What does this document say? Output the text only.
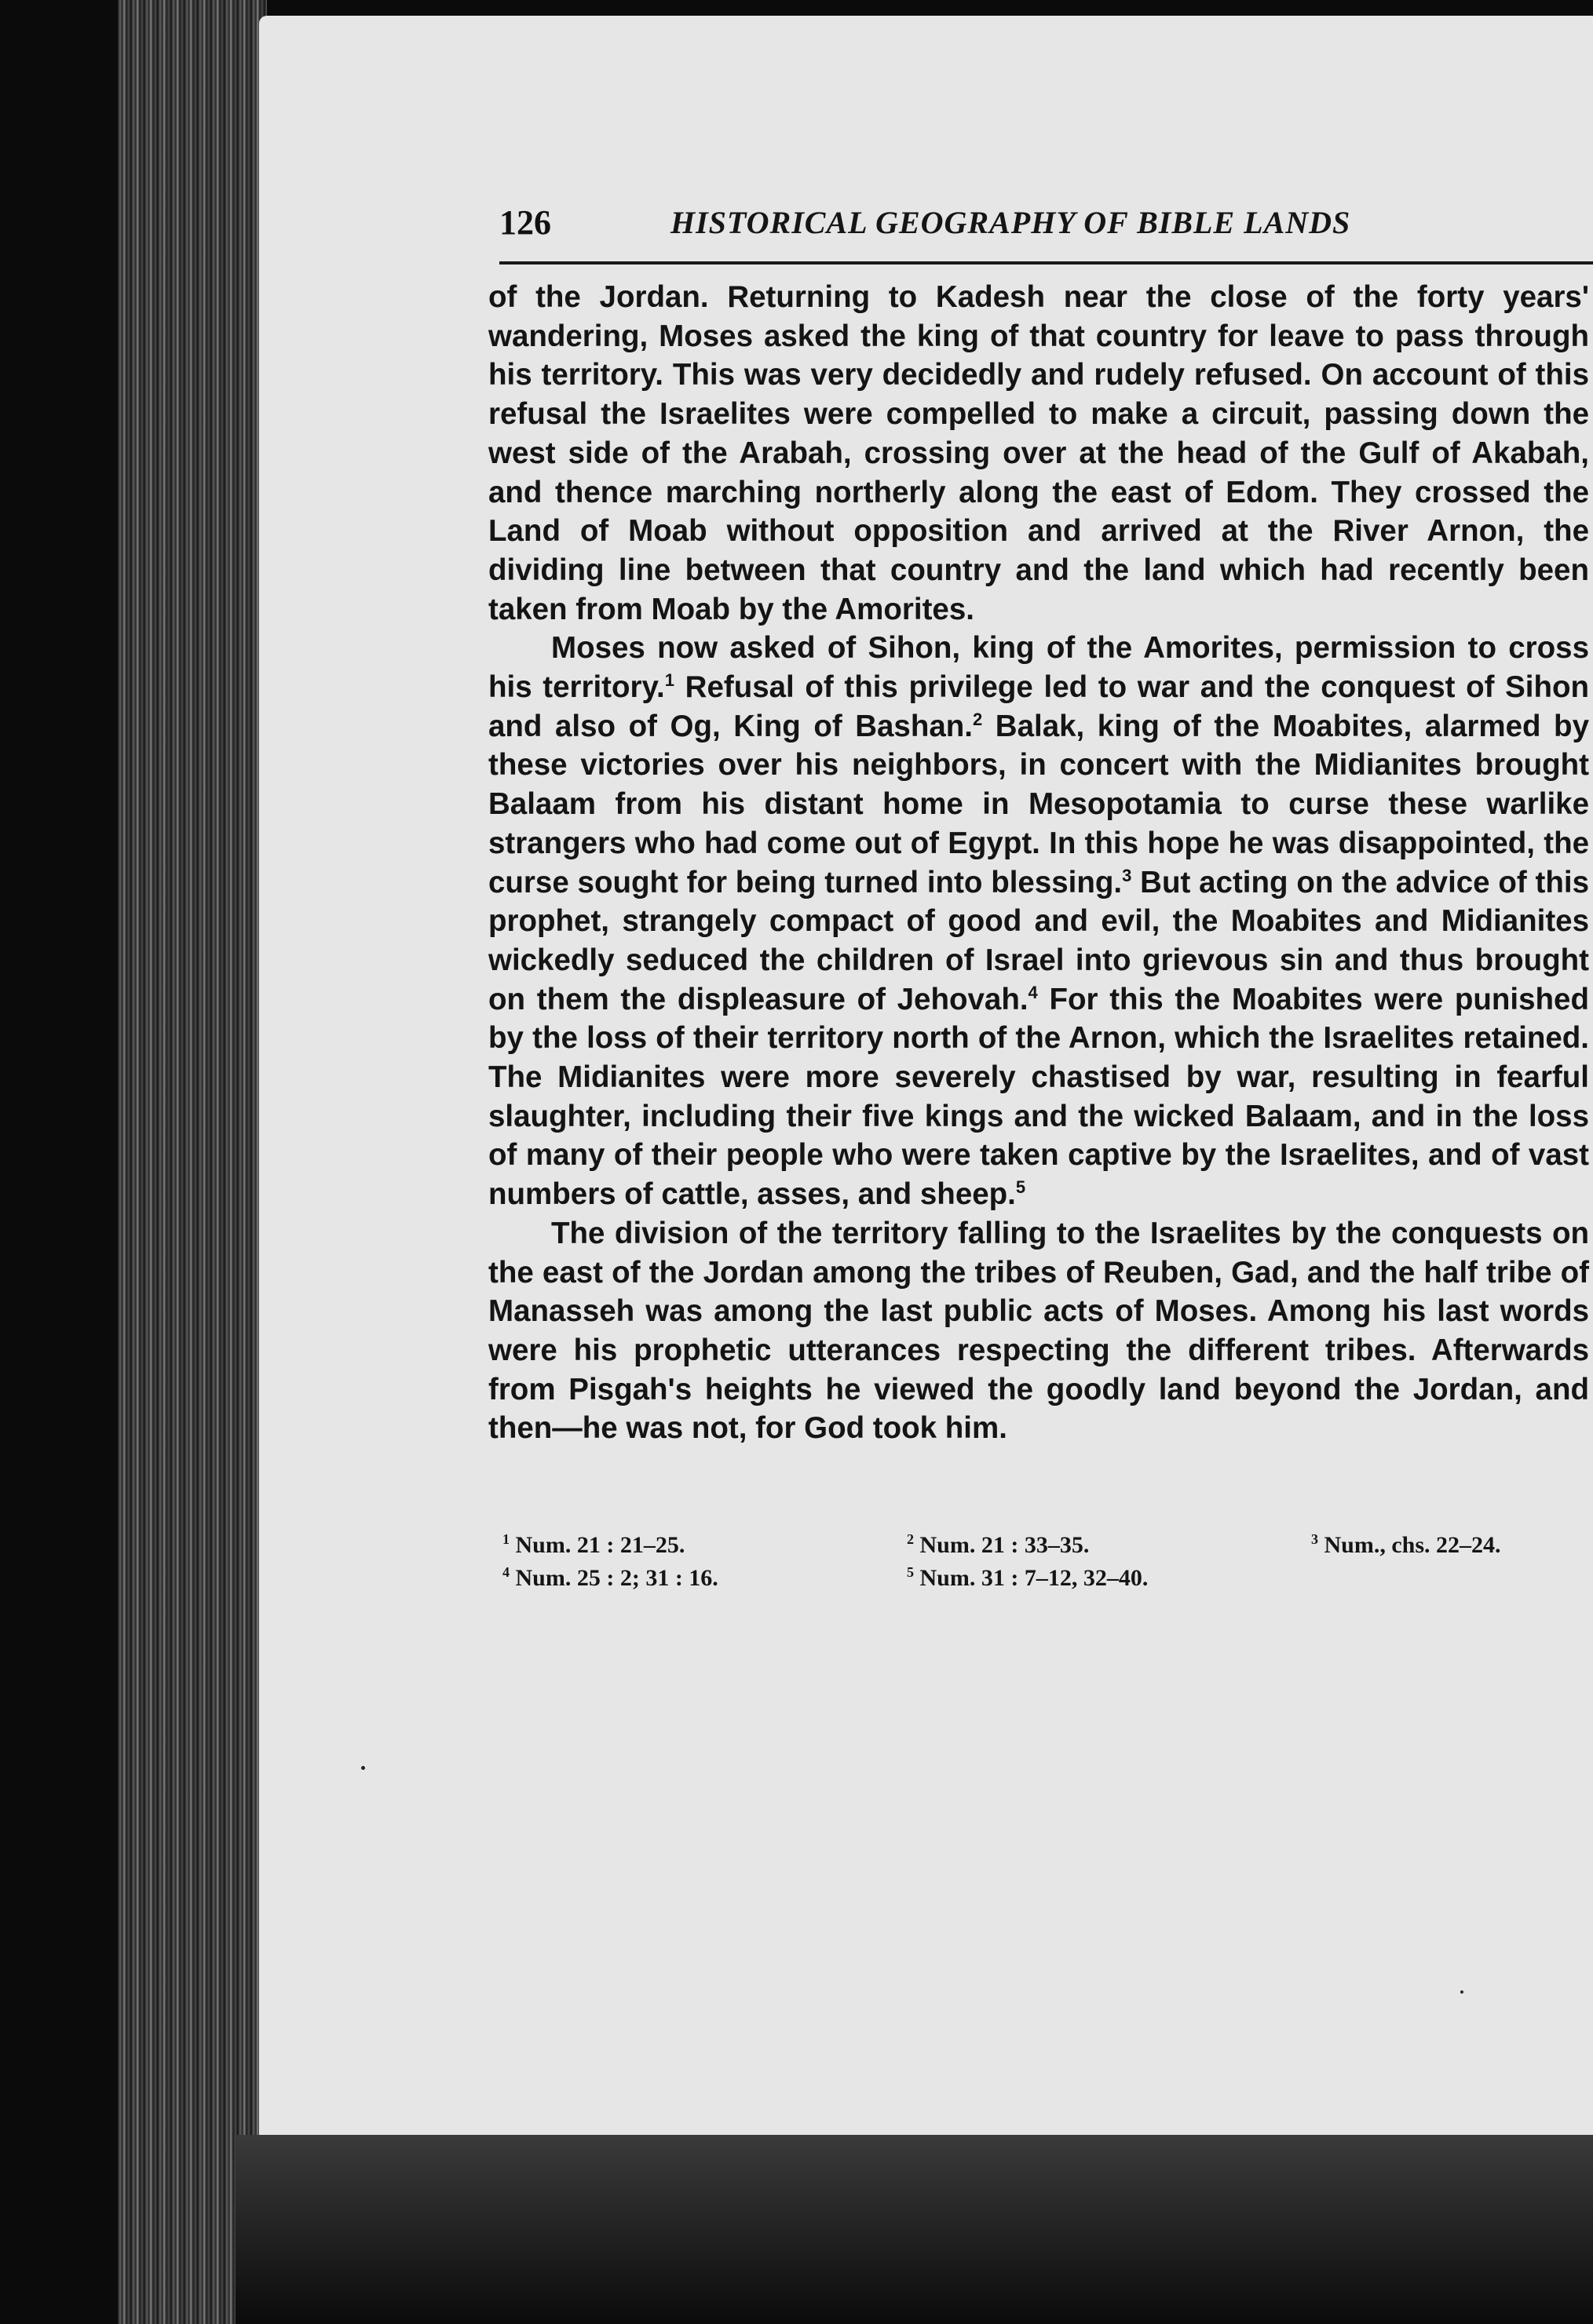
126	HISTORICAL GEOGRAPHY OF BIBLE LANDS

of the Jordan. Returning to Kadesh near the close of the forty years' wandering, Moses asked the king of that country for leave to pass through his territory. This was very decidedly and rudely refused. On account of this refusal the Israelites were compelled to make a circuit, passing down the west side of the Arabah, crossing over at the head of the Gulf of Akabah, and thence marching northerly along the east of Edom. They crossed the Land of Moab without opposition and arrived at the River Arnon, the dividing line between that country and the land which had recently been taken from Moab by the Amorites.

Moses now asked of Sihon, king of the Amorites, permission to cross his territory.$^1$ Refusal of this privilege led to war and the conquest of Sihon and also of Og, King of Bashan.$^2$ Balak, king of the Moabites, alarmed by these victories over his neighbors, in concert with the Midianites brought Balaam from his distant home in Mesopotamia to curse these warlike strangers who had come out of Egypt. In this hope he was disappointed, the curse sought for being turned into blessing.$^3$ But acting on the advice of this prophet, strangely compact of good and evil, the Moabites and Midianites wickedly seduced the children of Israel into grievous sin and thus brought on them the displeasure of Jehovah.$^4$ For this the Moabites were punished by the loss of their territory north of the Arnon, which the Israelites retained. The Midianites were more severely chastised by war, resulting in fearful slaughter, including their five kings and the wicked Balaam, and in the loss of many of their people who were taken captive by the Israelites, and of vast numbers of cattle, asses, and sheep.$^5$

The division of the territory falling to the Israelites by the conquests on the east of the Jordan among the tribes of Reuben, Gad, and the half tribe of Manasseh was among the last public acts of Moses. Among his last words were his prophetic utterances respecting the different tribes. Afterwards from Pisgah's heights he viewed the goodly land beyond the Jordan, and then—he was not, for God took him.

$^1$ Num. 21 : 21–25.	$^2$ Num. 21 : 33–35.	$^3$ Num., chs. 22–24.
$^4$ Num. 25 : 2; 31 : 16.	$^5$ Num. 31 : 7–12, 32–40.
